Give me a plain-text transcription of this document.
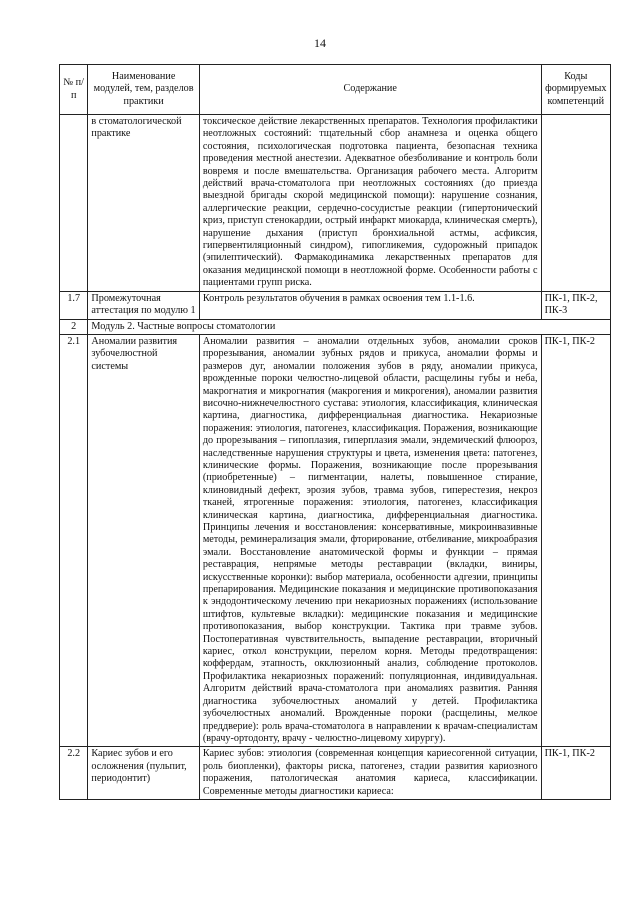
14
№ п/п	Наименование модулей, тем, разделов практики	Содержание	Коды формируемых компетенций
	в стоматологической практике	токсическое действие лекарственных препаратов. Технология профилактики неотложных состояний: тщательный сбор анамнеза и оценка общего состояния, психологическая подготовка пациента, безопасная техника проведения местной анестезии. Адекватное обезболивание и контроль боли вовремя и после вмешательства. Организация рабочего места. Алгоритм действий врача-стоматолога при неотложных состояниях (до приезда выездной бригады скорой медицинской помощи): нарушение сознания, аллергические реакции, сердечно-сосудистые реакции (гипертонический криз, приступ стенокардии, острый инфаркт миокарда, клиническая смерть), нарушение дыхания (приступ бронхиальной астмы, асфиксия, гипервентиляционный синдром), гипогликемия, судорожный припадок (эпилептический). Фармакодинамика лекарственных препаратов для оказания медицинской помощи в неотложной форме. Особенности работы с пациентами групп риска.	
1.7	Промежуточная аттестация по модулю 1	Контроль результатов обучения в рамках освоения тем 1.1-1.6.	ПК-1, ПК-2, ПК-3
2	Модуль 2. Частные вопросы стоматологии		
2.1	Аномалии развития зубочелюстной системы	Аномалии развития – аномалии отдельных зубов, аномалии сроков прорезывания, аномалии зубных рядов и прикуса, аномалии формы и размеров дуг, аномалии положения зубов в ряду, аномалии прикуса, врожденные пороки челюстно-лицевой области, расщелины губы и неба, макрогнатия и микрогнатия (макрогения и микрогения), аномалии развития височно-нижнечелюстного сустава: этиология, классификация, клиническая картина, диагностика, дифференциальная диагностика. Некариозные поражения: этиология, патогенез, классификация. Поражения, возникающие до прорезывания – гипоплазия, гиперплазия эмали, эндемический флюороз, наследственные нарушения структуры и цвета, изменения цвета: патогенез, клинические формы. Поражения, возникающие после прорезывания (приобретенные) – пигментации, налеты, повышенное стирание, клиновидный дефект, эрозия зубов, травма зубов, гиперестезия, некроз тканей, ятрогенные поражения: этиология, патогенез, классификация клиническая картина, диагностика, дифференциальная диагностика. Принципы лечения и восстановления: консервативные, микроинвазивные методы, реминерализация эмали, фторирование, отбеливание, микроабразия эмали. Восстановление анатомической формы и функции – прямая реставрация, непрямые методы реставрации (вкладки, виниры, искусственные коронки): выбор материала, особенности адгезии, принципы препарирования. Медицинские показания и медицинские противопоказания к эндодонтическому лечению при некариозных поражениях (использование штифтов, культевые вкладки): медицинские показания и медицинские противопоказания, выбор конструкции. Тактика при травме зубов. Постоперативная чувствительность, выпадение реставрации, вторичный кариес, откол конструкции, перелом корня. Методы предотвращения: коффердам, этапность, окклюзионный анализ, соблюдение протоколов. Профилактика некариозных поражений: популяционная, индивидуальная. Алгоритм действий врача-стоматолога при аномалиях развития. Ранняя диагностика зубочелюстных аномалий у детей. Профилактика зубочелюстных аномалий. Врожденные пороки (расщелины, мелкое преддверие): роль врача-стоматолога в направлении к врачам-специалистам (врачу-ортодонту, врачу - челюстно-лицевому хирургу).	ПК-1, ПК-2
2.2	Кариес зубов и его осложнения (пульпит, периодонтит)	Кариес зубов: этиология (современная концепция кариесогенной ситуации, роль биопленки), факторы риска, патогенез, стадии развития кариозного поражения, патологическая анатомия кариеса, классификации. Современные методы диагностики кариеса:	ПК-1, ПК-2
